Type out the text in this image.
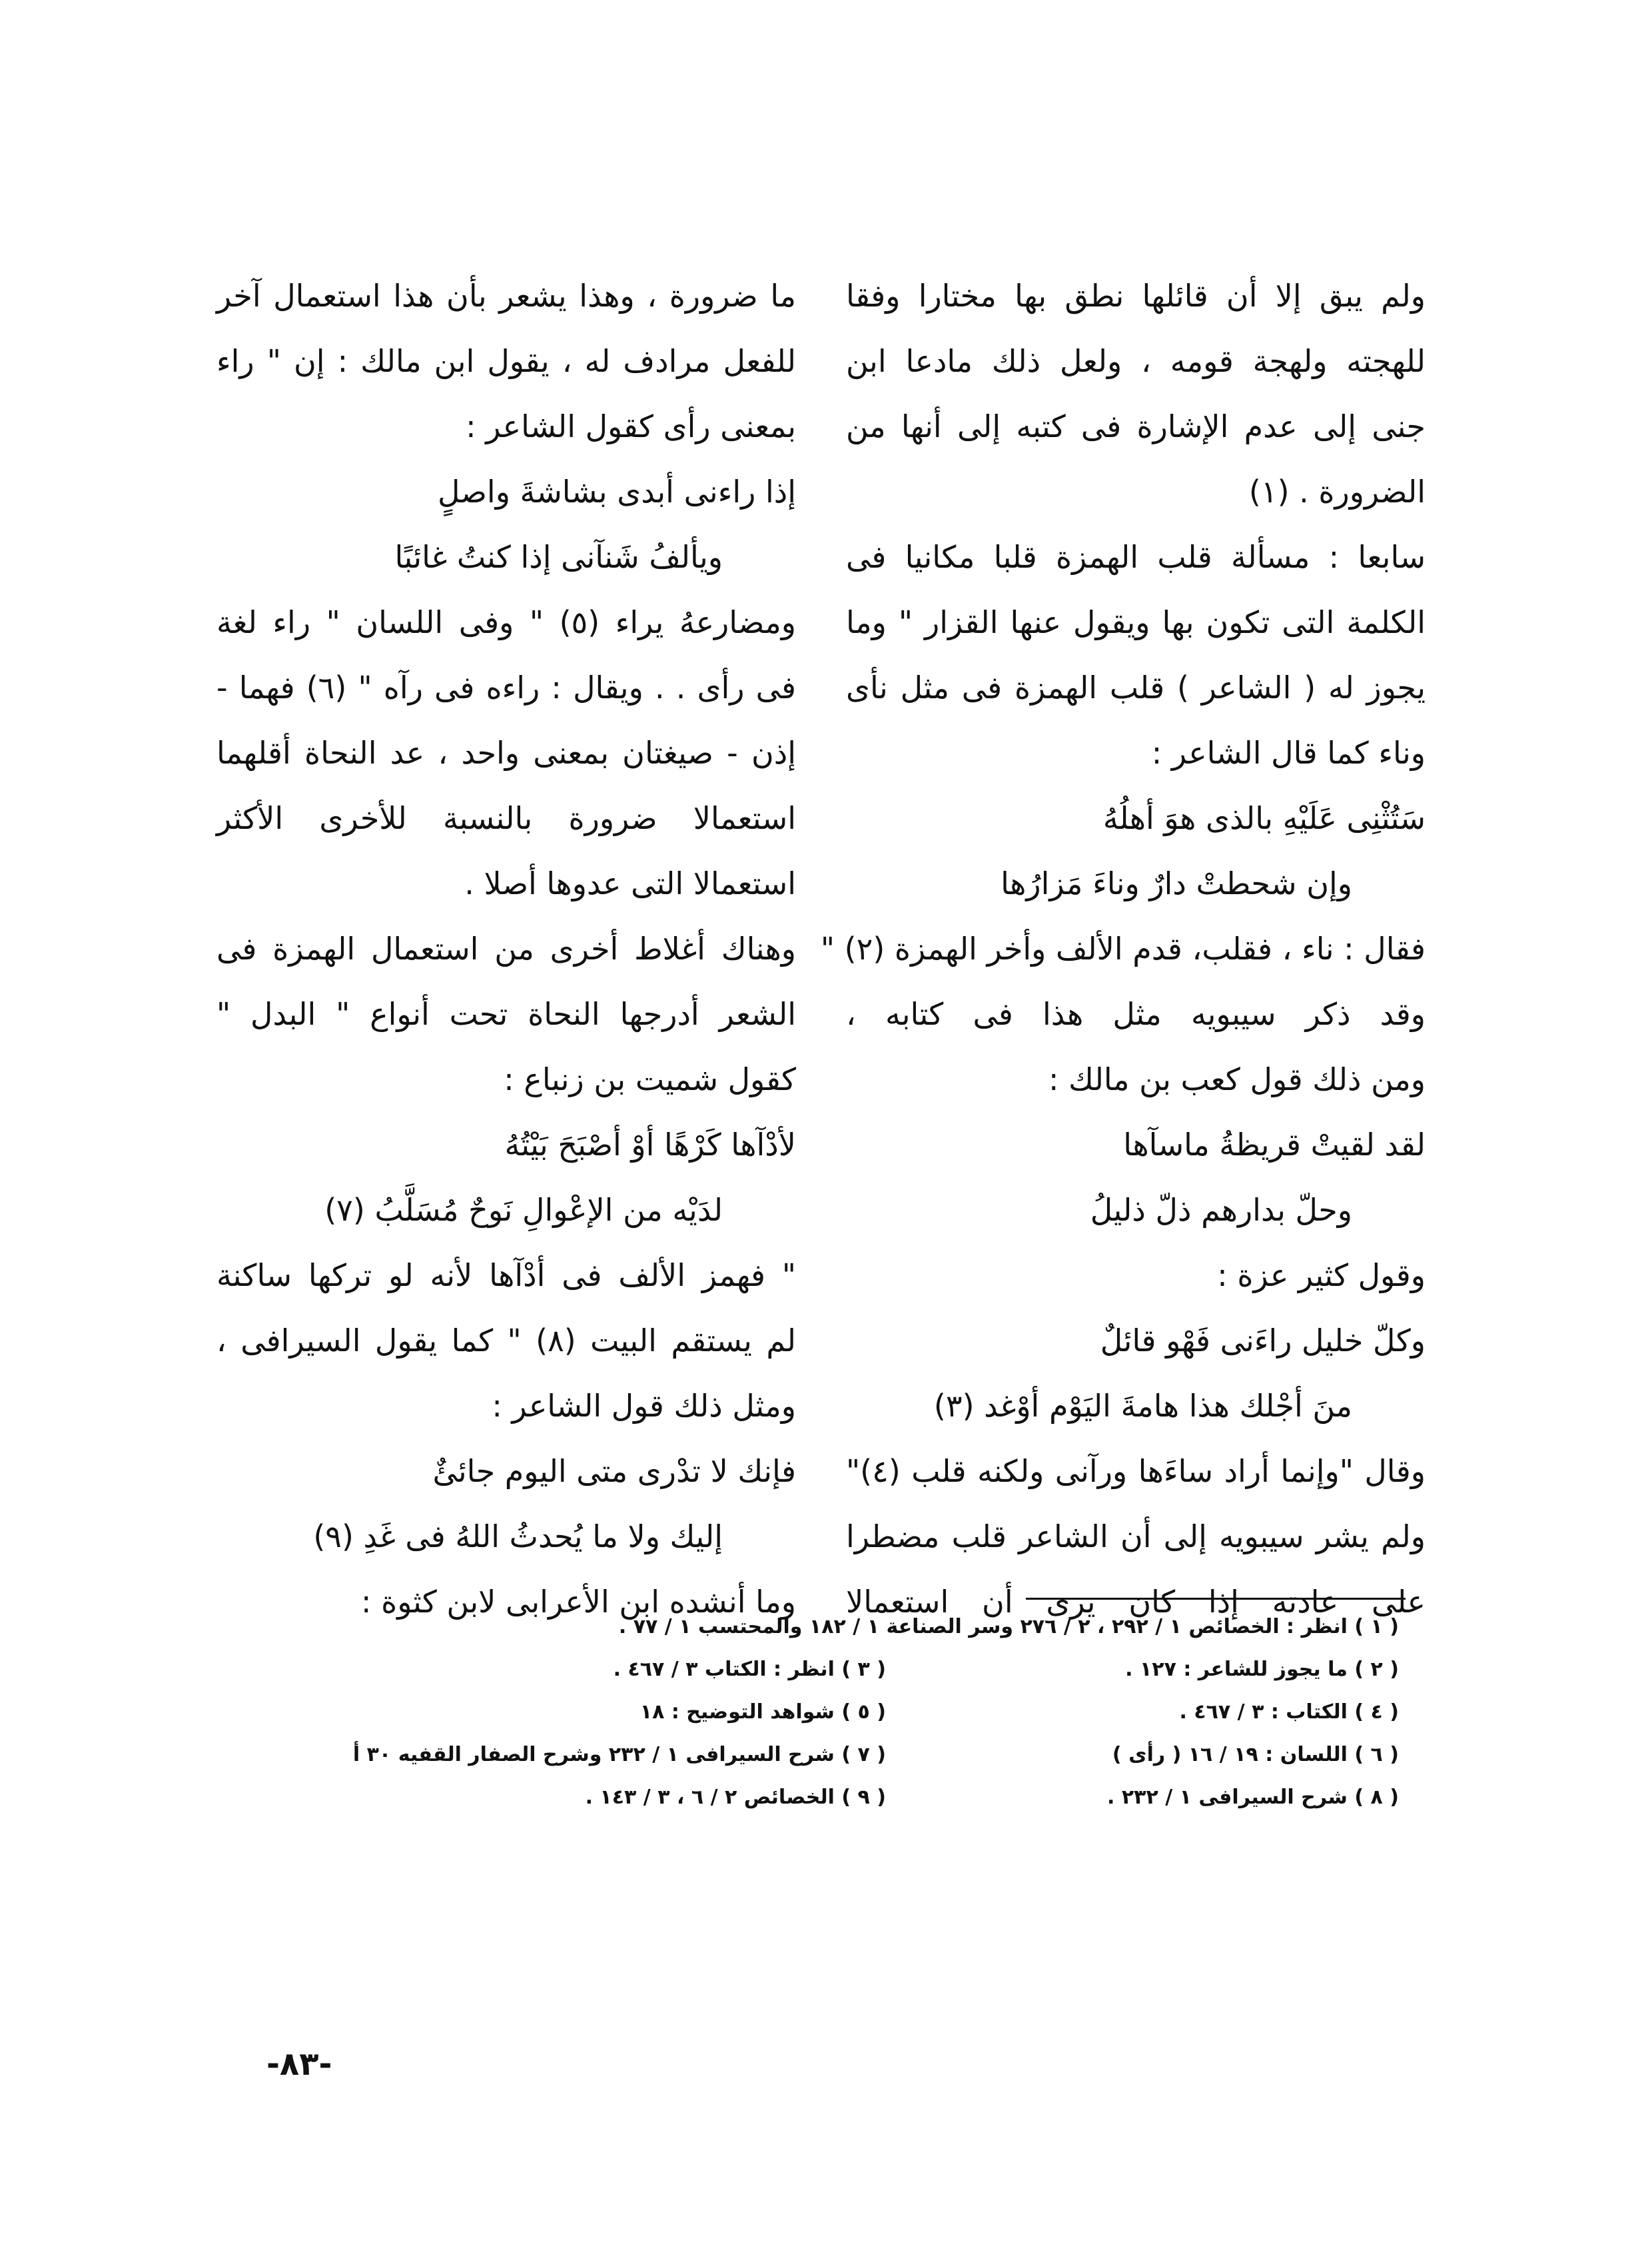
ولم يبق إلا أن قائلها نطق بها مختارا وفقا
للهجته ولهجة قومه ، ولعل ذلك مادعا ابن
جنى إلى عدم الإشارة فى كتبه إلى أنها من
الضرورة . (١)
سابعا : مسألة قلب الهمزة قلبا مكانيا فى
الكلمة التى تكون بها ويقول عنها القزار " وما
يجوز له ( الشاعر ) قلب الهمزة فى مثل نأى
وناء كما قال الشاعر :
سَتُثْنِى عَلَيْهِ بالذى هوَ أهلُهُ
وإن شحطتْ دارٌ وناءَ مَزارُها
فقال : ناء ، فقلب، قدم الألف وأخر الهمزة (٢) "
وقد ذكر سيبويه مثل هذا فى كتابه ،
ومن ذلك قول كعب بن مالك :
لقد لقيتْ قريظةُ ماسآها
وحلّ بدارهم ذلّ ذليلُ
وقول كثير عزة :
وكلّ خليل راءَنى فَهْو قائلٌ
منَ أجْلك هذا هامةَ اليَوْم أوْغد (٣)
وقال "وإنما أراد ساءَها ورآنى ولكنه قلب (٤)"
ولم يشر سيبويه إلى أن الشاعر قلب مضطرا
على عادته إذا كان يرى أن استعمالا
ما ضرورة ، وهذا يشعر بأن هذا استعمال آخر
للفعل مرادف له ، يقول ابن مالك : إن " راء
بمعنى رأى كقول الشاعر :
إذا راءنى أبدى بشاشةَ واصلٍ
ويألفُ شَنآنى إذا كنتُ غائبًا
ومضارعهُ يراء (٥) " وفى اللسان " راء لغة
فى رأى . . ويقال : راءه فى رآه " (٦) فهما -
إذن - صيغتان بمعنى واحد ، عد النحاة أقلهما
استعمالا ضرورة بالنسبة للأخرى الأكثر
استعمالا التى عدوها أصلا .
وهناك أغلاط أخرى من استعمال الهمزة فى
الشعر أدرجها النحاة تحت أنواع " البدل "
كقول شميت بن زنباع :
لأدْآها كَرْهًا أوْ أصْبَحَ بَيْتُهُ
لدَيْه من الإعْوالِ نَوحٌ مُسَلَّبُ (٧)
" فهمز الألف فى أدْآها لأنه لو تركها ساكنة
لم يستقم البيت (٨) " كما يقول السيرافى ،
ومثل ذلك قول الشاعر :
فإنك لا تدْرى متى اليوم جائئٌ
إليك ولا ما يُحدثُ اللهُ فى غَدِ (٩)
وما أنشده ابن الأعرابى لابن كثوة :
( ١ ) انظر : الخصائص ١ / ٢٩٢ ، ٢ / ٢٧٦ وسر الصناعة ١ / ١٨٢ والمحتسب ١ / ٧٧ .
( ٢ ) ما يجوز للشاعر : ١٢٧ .
( ٣ ) انظر : الكتاب ٣ / ٤٦٧ .
( ٤ ) الكتاب : ٣ / ٤٦٧ .
( ٥ ) شواهد التوضيح : ١٨
( ٦ ) اللسان : ١٩ / ١٦ ( رأى )
( ٧ ) شرح السيرافى ١ / ٢٣٢ وشرح الصفار القفيه ٣٠ أ
( ٨ ) شرح السيرافى ١ / ٢٣٢ .
( ٩ ) الخصائص ٢ / ٦ ، ٣ / ١٤٣ .
-٨٣-
